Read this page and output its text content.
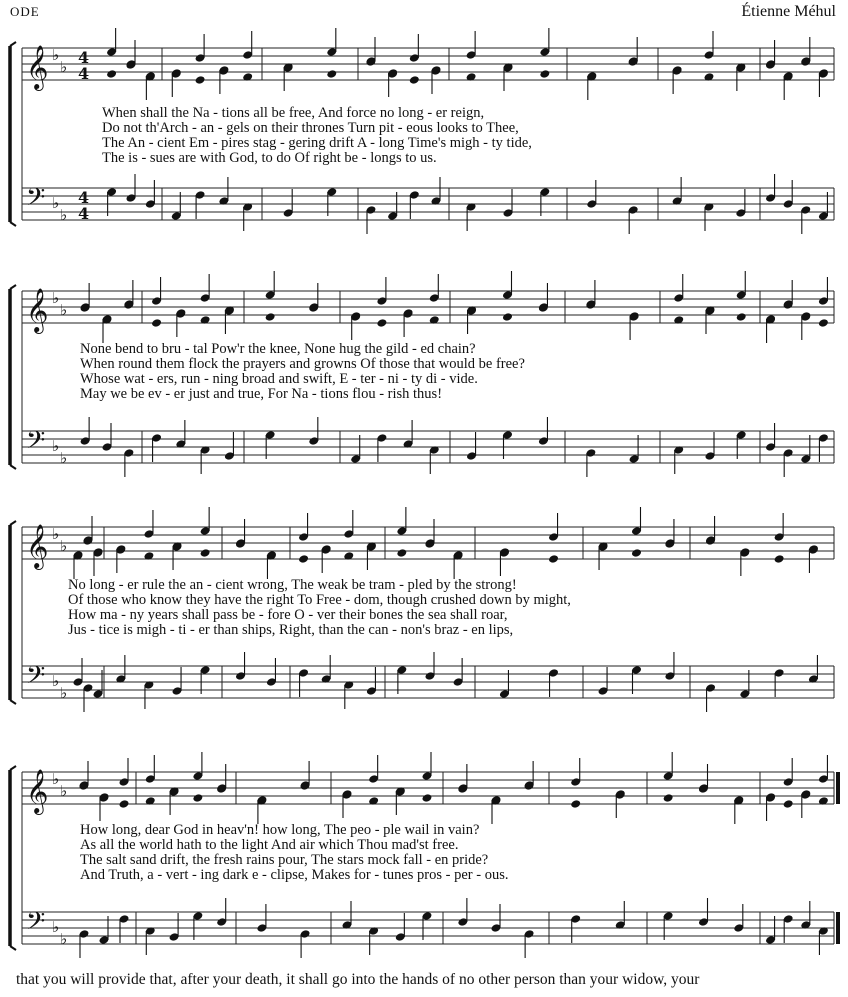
ODE	Étienne Méhul
𝄞 ♭
♭ 4
4
𝄢 ♭
♭
4
4
𝄞 ♭
♭
𝄢 ♭
♭
𝄞 ♭
♭
𝄢 ♭
♭
𝄞 ♭
♭
𝄢 ♭
♭
When shall the Na - tions all be free, And force no long - er reign,
Do not th'Arch - an - gels on their thrones Turn pit - eous looks to Thee,
The An - cient Em - pires stag - gering drift A - long Time's migh - ty tide,
The is - sues are with God, to do Of right be - longs to us.
None bend to bru - tal Pow'r the knee, None hug the gild - ed chain?
When round them flock the prayers and growns Of those that would be free?
Whose wat - ers, run - ning broad and swift, E - ter - ni - ty di - vide.
May we be ev - er just and true, For Na - tions flou - rish thus!
No long - er rule the an - cient wrong, The weak be tram - pled by the strong!
Of those who know they have the right To Free - dom, though crushed down by might,
How ma - ny years shall pass be - fore O - ver their bones the sea shall roar,
Jus - tice is migh - ti - er than ships, Right, than the can - non's braz - en lips,
How long, dear God in heav'n! how long, The peo - ple wail in vain?
As all the world hath to the light And air which Thou mad'st free.
The salt sand drift, the fresh rains pour, The stars mock fall - en pride?
And Truth, a - vert - ing dark e - clipse, Makes for - tunes pros - per - ous.
that you will provide that, after your death, it shall go into the hands of no other person than your widow, your
